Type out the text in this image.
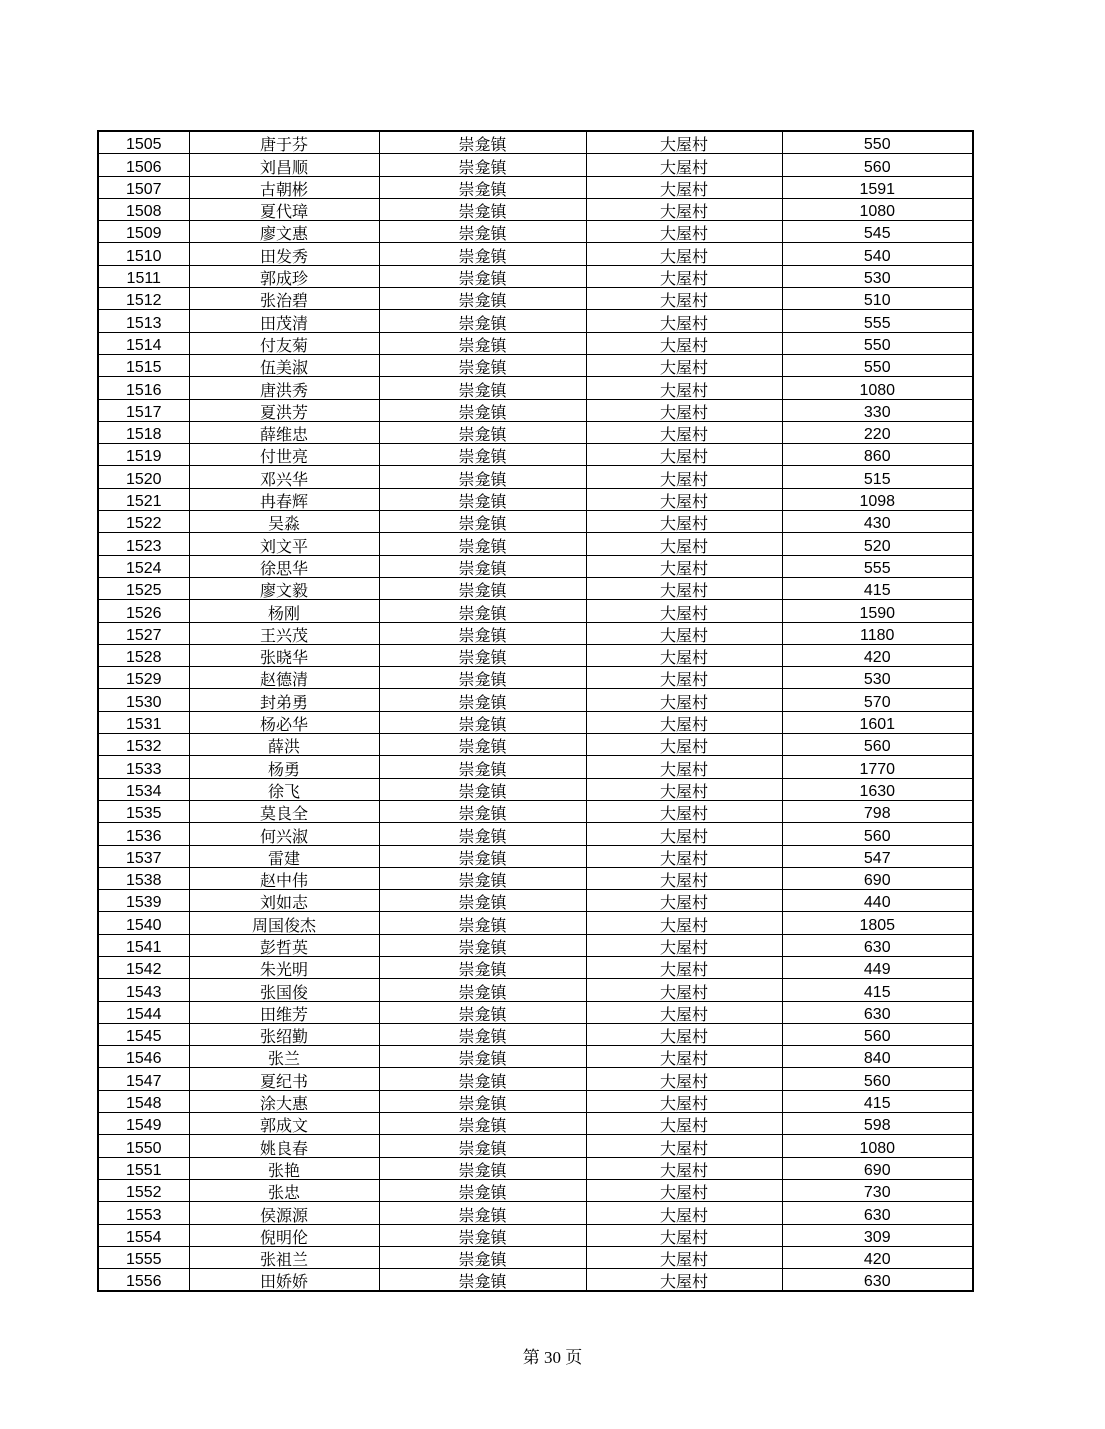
1505	唐于芬	崇龛镇	大屋村	550
1506	刘昌顺	崇龛镇	大屋村	560
1507	古朝彬	崇龛镇	大屋村	1591
1508	夏代璋	崇龛镇	大屋村	1080
1509	廖文惠	崇龛镇	大屋村	545
1510	田发秀	崇龛镇	大屋村	540
1511	郭成珍	崇龛镇	大屋村	530
1512	张治碧	崇龛镇	大屋村	510
1513	田茂清	崇龛镇	大屋村	555
1514	付友菊	崇龛镇	大屋村	550
1515	伍美淑	崇龛镇	大屋村	550
1516	唐洪秀	崇龛镇	大屋村	1080
1517	夏洪芳	崇龛镇	大屋村	330
1518	薛维忠	崇龛镇	大屋村	220
1519	付世亮	崇龛镇	大屋村	860
1520	邓兴华	崇龛镇	大屋村	515
1521	冉春辉	崇龛镇	大屋村	1098
1522	吴淼	崇龛镇	大屋村	430
1523	刘文平	崇龛镇	大屋村	520
1524	徐思华	崇龛镇	大屋村	555
1525	廖文毅	崇龛镇	大屋村	415
1526	杨刚	崇龛镇	大屋村	1590
1527	王兴茂	崇龛镇	大屋村	1180
1528	张晓华	崇龛镇	大屋村	420
1529	赵德清	崇龛镇	大屋村	530
1530	封弟勇	崇龛镇	大屋村	570
1531	杨必华	崇龛镇	大屋村	1601
1532	薛洪	崇龛镇	大屋村	560
1533	杨勇	崇龛镇	大屋村	1770
1534	徐飞	崇龛镇	大屋村	1630
1535	莫良全	崇龛镇	大屋村	798
1536	何兴淑	崇龛镇	大屋村	560
1537	雷建	崇龛镇	大屋村	547
1538	赵中伟	崇龛镇	大屋村	690
1539	刘如志	崇龛镇	大屋村	440
1540	周国俊杰	崇龛镇	大屋村	1805
1541	彭哲英	崇龛镇	大屋村	630
1542	朱光明	崇龛镇	大屋村	449
1543	张国俊	崇龛镇	大屋村	415
1544	田维芳	崇龛镇	大屋村	630
1545	张绍勤	崇龛镇	大屋村	560
1546	张兰	崇龛镇	大屋村	840
1547	夏纪书	崇龛镇	大屋村	560
1548	涂大惠	崇龛镇	大屋村	415
1549	郭成文	崇龛镇	大屋村	598
1550	姚良春	崇龛镇	大屋村	1080
1551	张艳	崇龛镇	大屋村	690
1552	张忠	崇龛镇	大屋村	730
1553	侯源源	崇龛镇	大屋村	630
1554	倪明伦	崇龛镇	大屋村	309
1555	张祖兰	崇龛镇	大屋村	420
1556	田娇娇	崇龛镇	大屋村	630
第 30 页
